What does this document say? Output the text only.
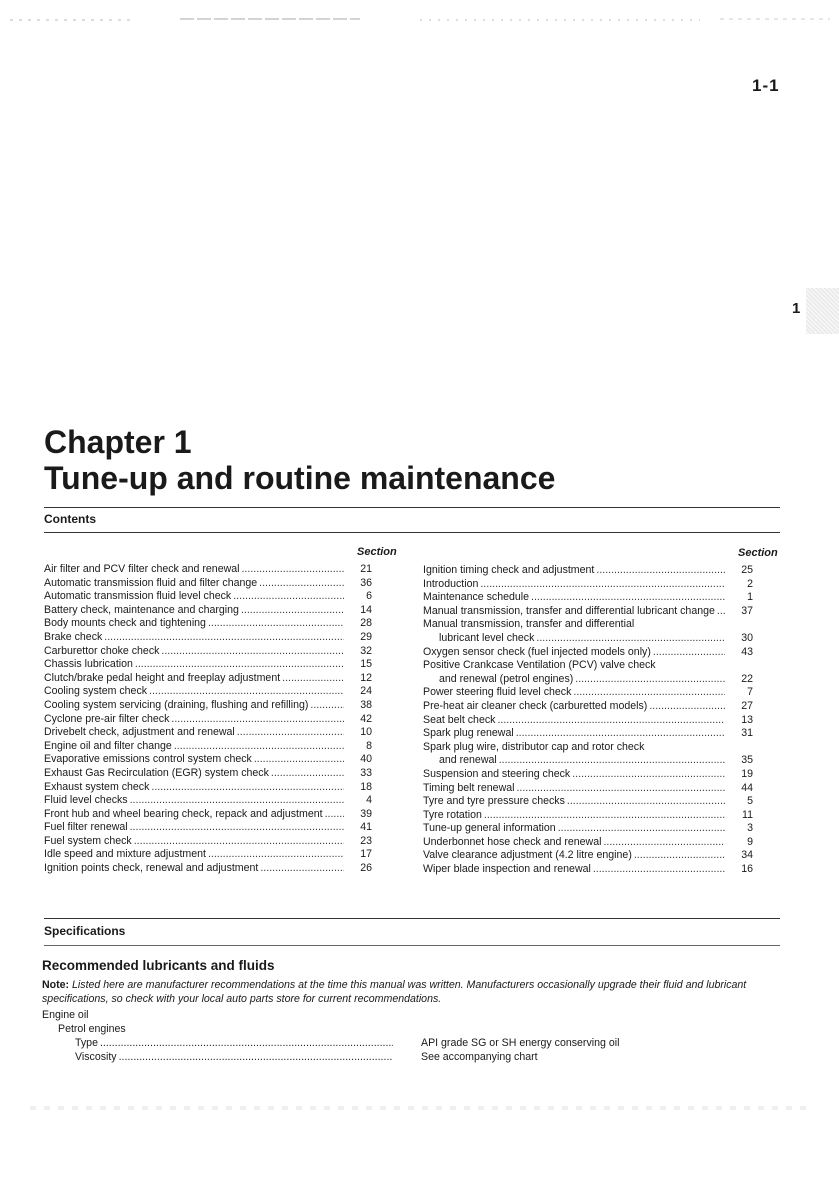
1-1
1
Chapter 1
Tune-up and routine maintenance
Contents
Section	Section
Air filter and PCV filter check and renewal .....	21
Automatic transmission fluid and filter change .....	36
Automatic transmission fluid level check .....	6
Battery check, maintenance and charging .....	14
Body mounts check and tightening .....	28
Brake check .....	29
Carburettor choke check .....	32
Chassis lubrication .....	15
Clutch/brake pedal height and freeplay adjustment .....	12
Cooling system check .....	24
Cooling system servicing (draining, flushing and refilling) .....	38
Cyclone pre-air filter check .....	42
Drivebelt check, adjustment and renewal .....	10
Engine oil and filter change .....	8
Evaporative emissions control system check .....	40
Exhaust Gas Recirculation (EGR) system check .....	33
Exhaust system check .....	18
Fluid level checks .....	4
Front hub and wheel bearing check, repack and adjustment .....	39
Fuel filter renewal .....	41
Fuel system check .....	23
Idle speed and mixture adjustment .....	17
Ignition points check, renewal and adjustment .....	26
Ignition timing check and adjustment .....	25
Introduction .....	2
Maintenance schedule .....	1
Manual transmission, transfer and differential lubricant change .....	37
Manual transmission, transfer and differential
lubricant level check .....	30
Oxygen sensor check (fuel injected models only) .....	43
Positive Crankcase Ventilation (PCV) valve check
and renewal (petrol engines) .....	22
Power steering fluid level check .....	7
Pre-heat air cleaner check (carburetted models) .....	27
Seat belt check .....	13
Spark plug renewal .....	31
Spark plug wire, distributor cap and rotor check
and renewal .....	35
Suspension and steering check .....	19
Timing belt renewal .....	44
Tyre and tyre pressure checks .....	5
Tyre rotation .....	11
Tune-up general information .....	3
Underbonnet hose check and renewal .....	9
Valve clearance adjustment (4.2 litre engine) .....	34
Wiper blade inspection and renewal .....	16
Specifications
Recommended lubricants and fluids
Note: Listed here are manufacturer recommendations at the time this manual was written. Manufacturers occasionally upgrade their fluid and lubricant specifications, so check with your local auto parts store for current recommendations.
Engine oil
Petrol engines
Type .....	API grade SG or SH energy conserving oil
Viscosity .....	See accompanying chart
